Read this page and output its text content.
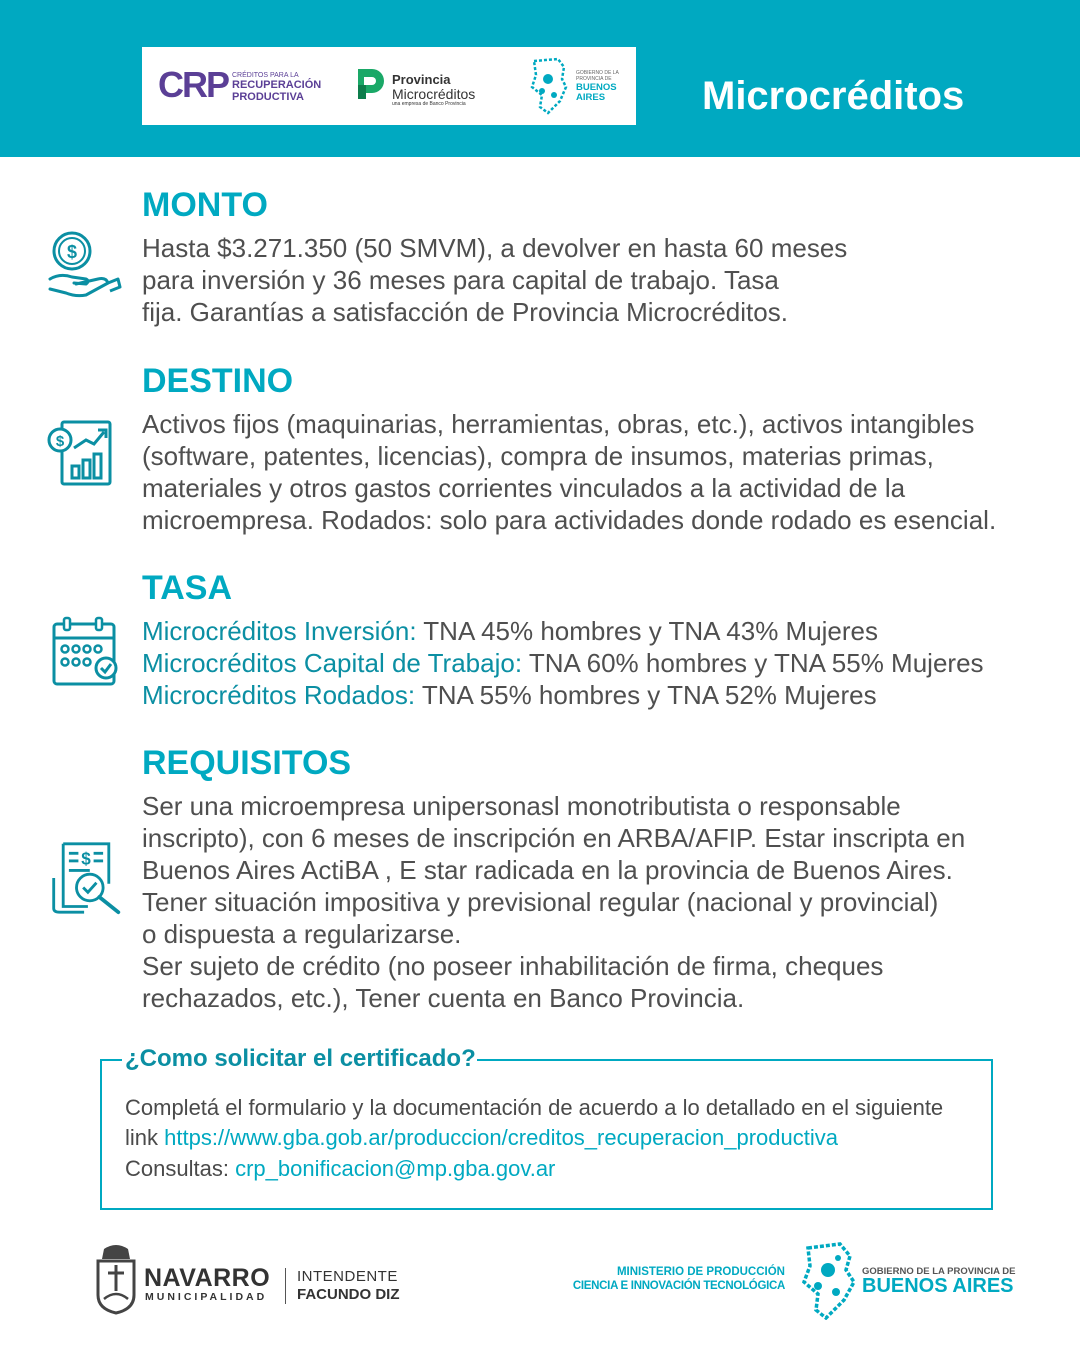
CRP CRÉDITOS PARA LA
RECUPERACIÓN
PRODUCTIVA
Provincia
Microcréditos
una empresa de Banco Provincia
GOBIERNO DE LA
PROVINCIA DE
BUENOS
AIRES Microcréditos
MONTO
$ Hasta $3.271.350 (50 SMVM), a devolver en hasta 60 meses
para inversión y 36 meses para capital de trabajo. Tasa
fija. Garantías a satisfacción de Provincia Microcréditos.
DESTINO
$
Activos fijos (maquinarias, herramientas, obras, etc.), activos intangibles
(software, patentes, licencias), compra de insumos, materias primas,
materiales y otros gastos corrientes vinculados a la actividad de la
microempresa. Rodados: solo para actividades donde rodado es esencial.
TASA
Microcréditos Inversión: TNA 45% hombres y TNA 43% Mujeres
Microcréditos Capital de Trabajo: TNA 60% hombres y TNA 55% Mujeres
Microcréditos Rodados: TNA 55% hombres y TNA 52% Mujeres
REQUISITOS
$
Ser una microempresa unipersonasl monotributista o responsable
inscripto), con 6 meses de inscripción en ARBA/AFIP. Estar inscripta en
Buenos Aires ActiBA , E star radicada en la provincia de Buenos Aires.
Tener situación impositiva y previsional regular (nacional y provincial)
o dispuesta a regularizarse.
Ser sujeto de crédito (no poseer inhabilitación de firma, cheques
rechazados, etc.), Tener cuenta en Banco Provincia.
¿Como solicitar el certificado?
Completá el formulario y la documentación de acuerdo a lo detallado en el siguiente
link https://www.gba.gob.ar/produccion/creditos_recuperacion_productiva
Consultas: crp_bonificacion@mp.gba.gov.ar
NAVARRO
MUNICIPALIDAD
INTENDENTE
FACUNDO DIZ
MINISTERIO DE PRODUCCIÓN
CIENCIA E INNOVACIÓN TECNOLÓGICA
GOBIERNO DE LA PROVINCIA DE
BUENOS AIRES
